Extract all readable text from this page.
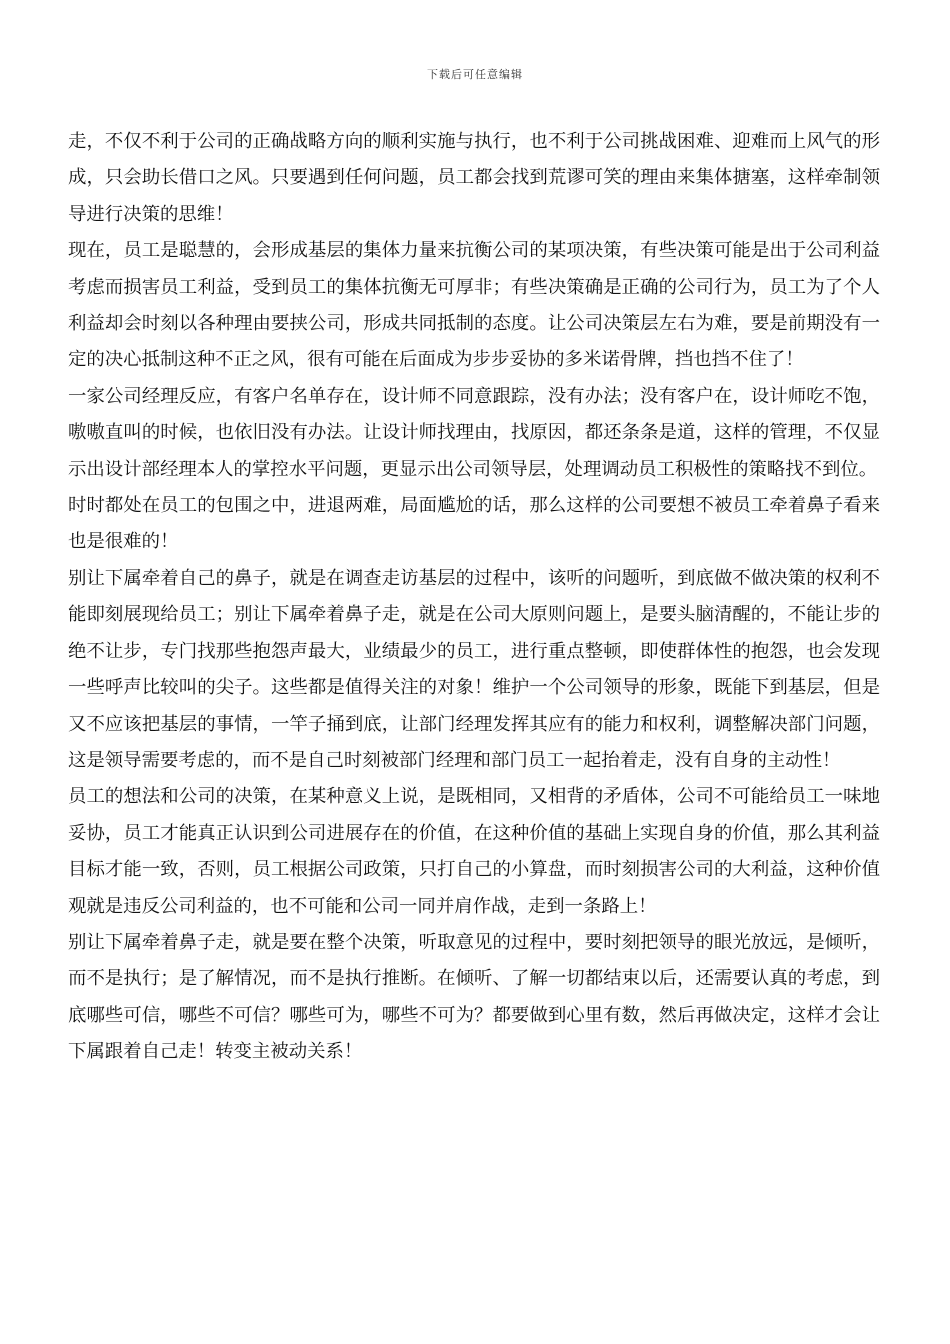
下载后可任意编辑

走，不仅不利于公司的正确战略方向的顺利实施与执行，也不利于公司挑战困难、迎难而上风气的形成，只会助长借口之风。只要遇到任何问题，员工都会找到荒谬可笑的理由来集体搪塞，这样牵制领导进行决策的思维！

现在，员工是聪慧的，会形成基层的集体力量来抗衡公司的某项决策，有些决策可能是出于公司利益考虑而损害员工利益，受到员工的集体抗衡无可厚非；有些决策确是正确的公司行为，员工为了个人利益却会时刻以各种理由要挟公司，形成共同抵制的态度。让公司决策层左右为难，要是前期没有一定的决心抵制这种不正之风，很有可能在后面成为步步妥协的多米诺骨牌，挡也挡不住了！

一家公司经理反应，有客户名单存在，设计师不同意跟踪，没有办法；没有客户在，设计师吃不饱，嗷嗷直叫的时候，也依旧没有办法。让设计师找理由，找原因，都还条条是道，这样的管理，不仅显示出设计部经理本人的掌控水平问题，更显示出公司领导层，处理调动员工积极性的策略找不到位。

时时都处在员工的包围之中，进退两难，局面尴尬的话，那么这样的公司要想不被员工牵着鼻子看来也是很难的！

别让下属牵着自己的鼻子，就是在调查走访基层的过程中，该听的问题听，到底做不做决策的权利不能即刻展现给员工；别让下属牵着鼻子走，就是在公司大原则问题上，是要头脑清醒的，不能让步的绝不让步，专门找那些抱怨声最大，业绩最少的员工，进行重点整顿，即使群体性的抱怨，也会发现一些呼声比较叫的尖子。这些都是值得关注的对象！维护一个公司领导的形象，既能下到基层，但是又不应该把基层的事情，一竿子捅到底，让部门经理发挥其应有的能力和权利，调整解决部门问题，这是领导需要考虑的，而不是自己时刻被部门经理和部门员工一起抬着走，没有自身的主动性！

员工的想法和公司的决策，在某种意义上说，是既相同，又相背的矛盾体，公司不可能给员工一味地妥协，员工才能真正认识到公司进展存在的价值，在这种价值的基础上实现自身的价值，那么其利益目标才能一致，否则，员工根据公司政策，只打自己的小算盘，而时刻损害公司的大利益，这种价值观就是违反公司利益的，也不可能和公司一同并肩作战，走到一条路上！

别让下属牵着鼻子走，就是要在整个决策，听取意见的过程中，要时刻把领导的眼光放远，是倾听，而不是执行；是了解情况，而不是执行推断。在倾听、了解一切都结束以后，还需要认真的考虑，到底哪些可信，哪些不可信？哪些可为，哪些不可为？都要做到心里有数，然后再做决定，这样才会让下属跟着自己走！转变主被动关系！
